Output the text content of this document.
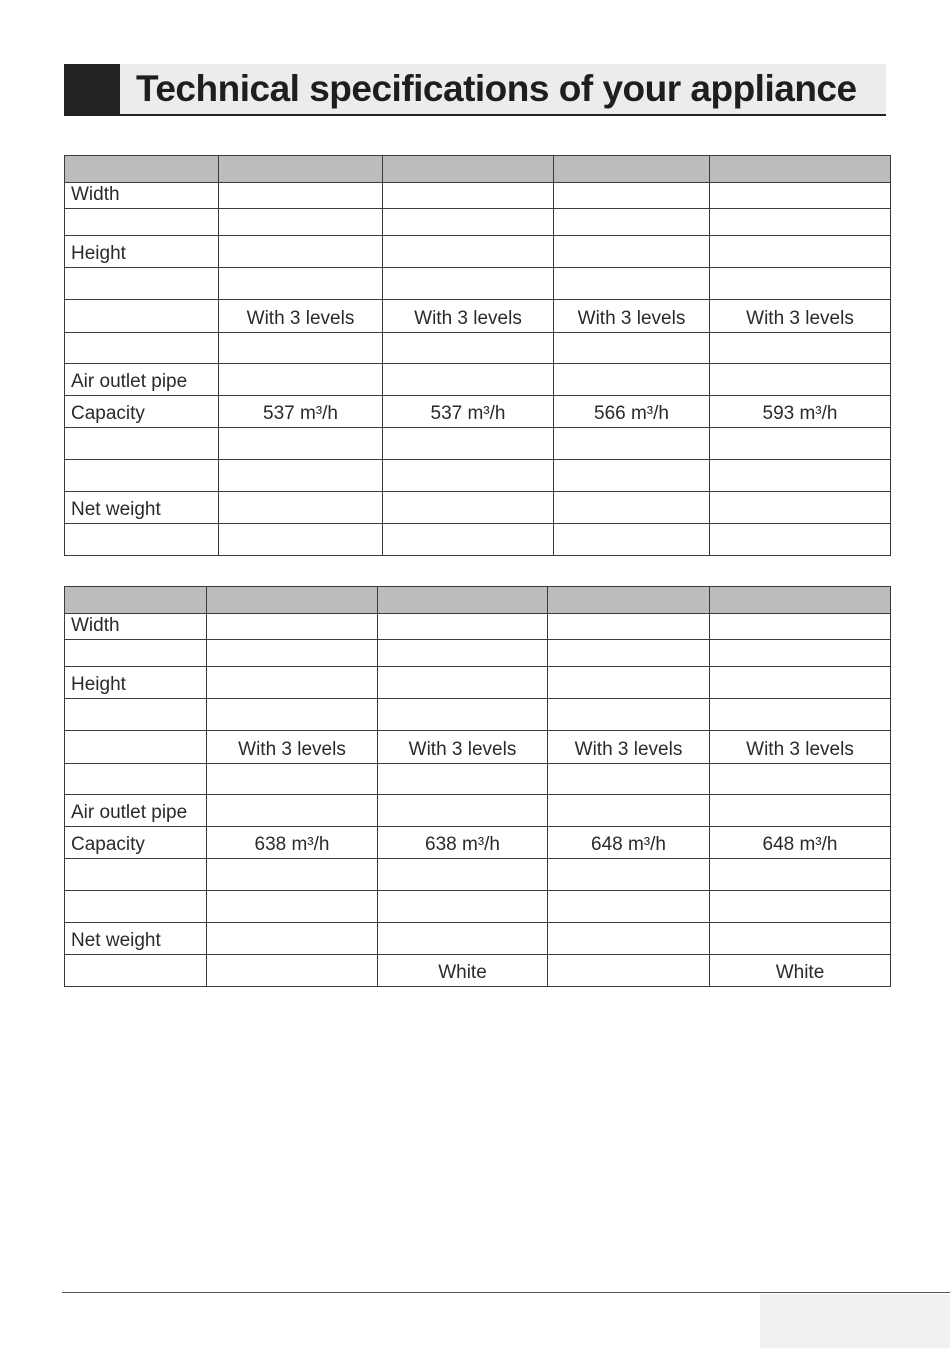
Technical specifications of your appliance

Width				

Height				

	With 3 levels	With 3 levels	With 3 levels	With 3 levels

Air outlet pipe				
Capacity	537 m³/h	537 m³/h	566 m³/h	593 m³/h

Net weight				

Width				

Height				

	With 3 levels	With 3 levels	With 3 levels	With 3 levels

Air outlet pipe				
Capacity	638 m³/h	638 m³/h	648 m³/h	648 m³/h

Net weight				
		White		White
